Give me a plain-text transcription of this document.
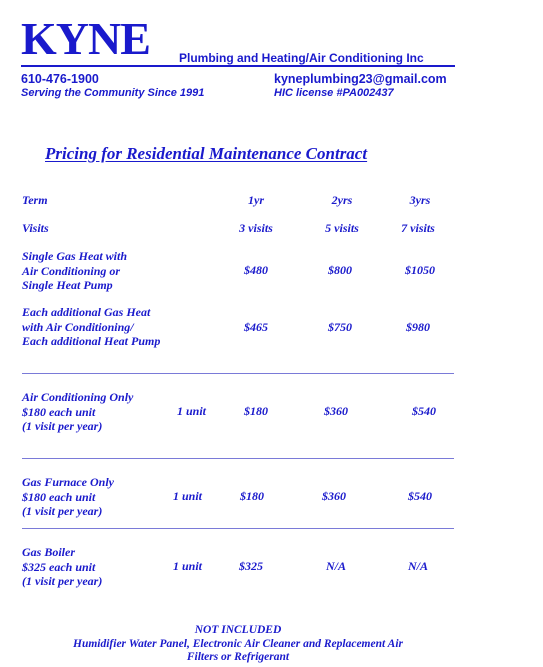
KYNE Plumbing and Heating/Air Conditioning Inc
610-476-1900	kyneplumbing23@gmail.com
Serving the Community Since 1991	HIC license #PA002437
Pricing for Residential Maintenance Contract
Term	1yr	2yrs	3yrs
Visits	3 visits	5 visits	7 visits
Single Gas Heat with
Air Conditioning or
Single Heat Pump
$480	$800	$1050
Each additional Gas Heat
with Air Conditioning/
Each additional Heat Pump
$465	$750	$980
Air Conditioning Only
$180 each unit
(1 visit per year)
1 unit	$180	$360	$540
Gas Furnace Only
$180 each unit
(1 visit per year)
1 unit	$180	$360	$540
Gas Boiler
$325 each unit
(1 visit per year)
1 unit	$325	N/A	N/A
NOT INCLUDED
Humidifier Water Panel, Electronic Air Cleaner and Replacement Air
Filters or Refrigerant
